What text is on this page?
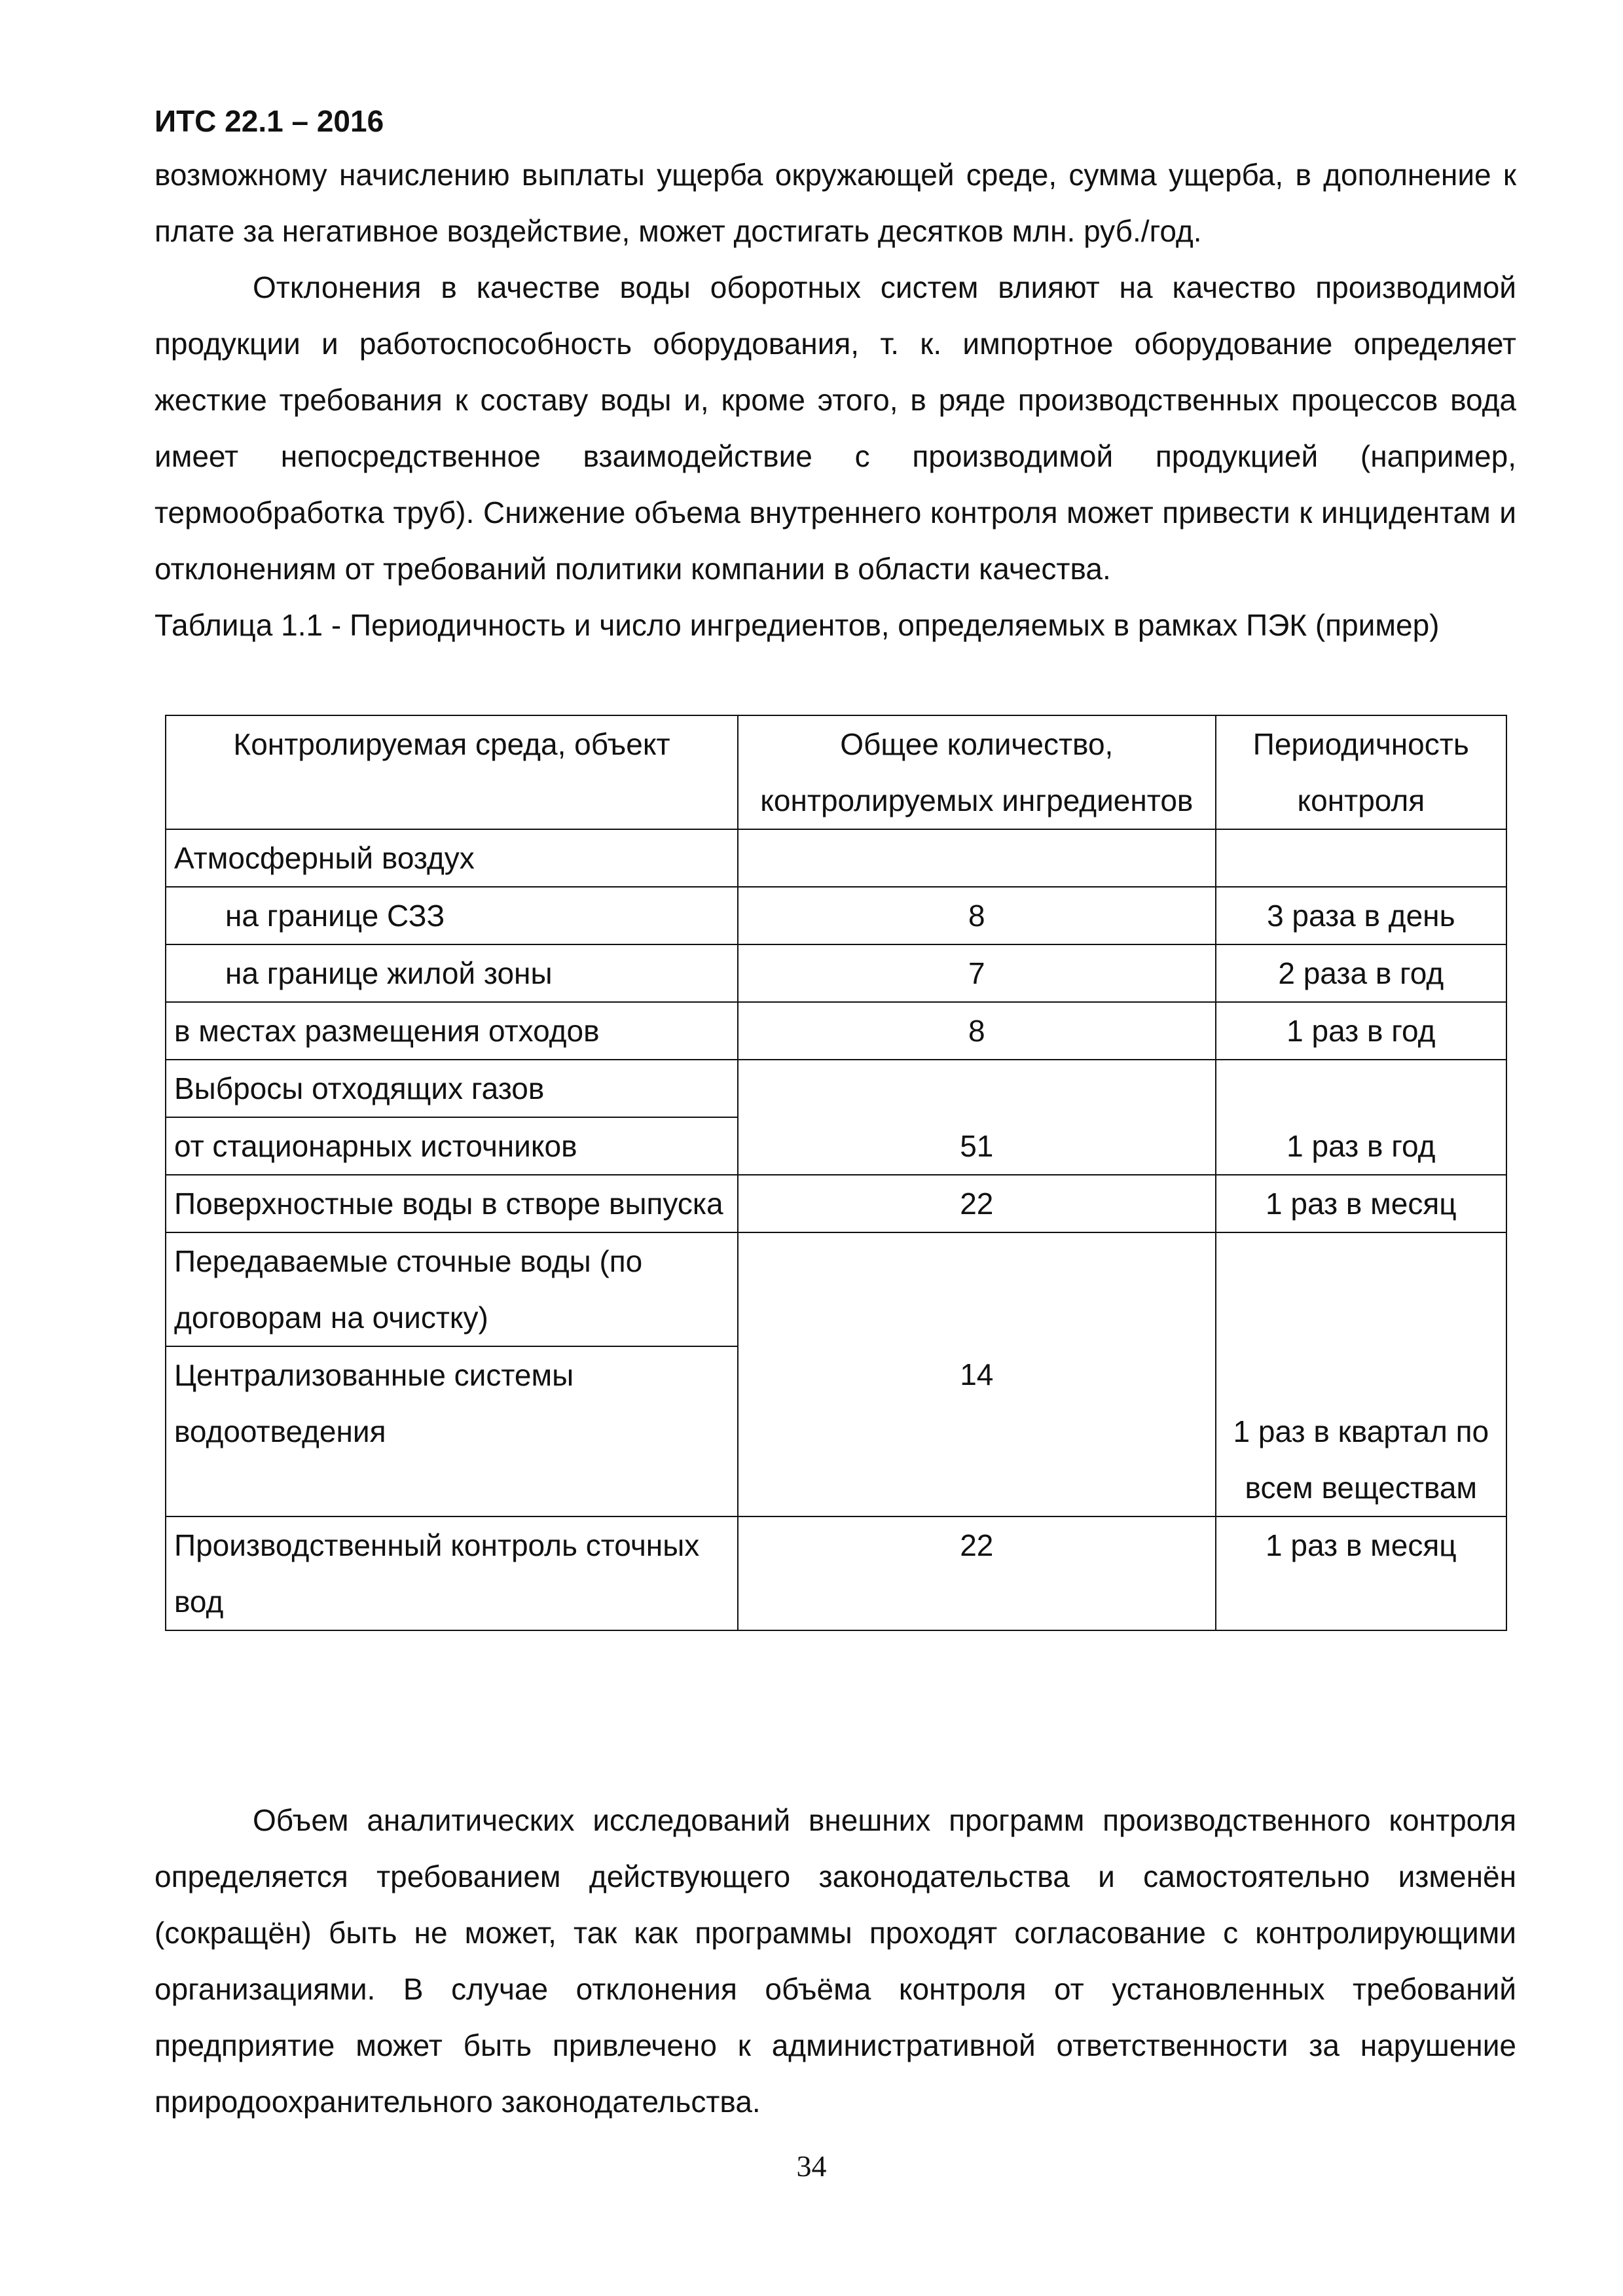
ИТС 22.1 – 2016

возможному начислению выплаты ущерба окружающей среде, сумма ущерба, в дополнение к плате за негативное воздействие, может достигать десятков млн. руб./год.

Отклонения в качестве воды оборотных систем влияют на качество производимой продукции и работоспособность оборудования, т. к. импортное оборудование определяет жесткие требования к составу воды и, кроме этого, в ряде производственных процессов вода имеет непосредственное взаимодействие с производимой продукцией (например, термообработка труб). Снижение объема внутреннего контроля может привести к инцидентам и отклонениям от требований политики компании в области качества.

Таблица 1.1 - Периодичность и число ингредиентов, определяемых в рамках ПЭК (пример)
Контролируемая среда, объект	Общее количество, контролируемых ингредиентов	Периодичность контроля
Атмосферный воздух		
на границе СЗЗ	8	3 раза в день
на границе жилой зоны	7	2 раза в год
в местах размещения отходов	8	1 раз в год
Выбросы отходящих газов	51	1 раз в год
от стационарных источников		
Поверхностные воды в створе выпуска	22	1 раз в месяц
Передаваемые сточные воды (по договорам на очистку)	14	1 раз в квартал по всем веществам
Централизованные системы водоотведения		
Производственный контроль сточных вод	22	1 раз в месяц

Объем аналитических исследований внешних программ производственного контроля определяется требованием действующего законодательства и самостоятельно изменён (сокращён) быть не может, так как программы проходят согласование с контролирующими организациями. В случае отклонения объёма контроля от установленных требований предприятие может быть привлечено к административной ответственности за нарушение природоохранительного законодательства.

34
